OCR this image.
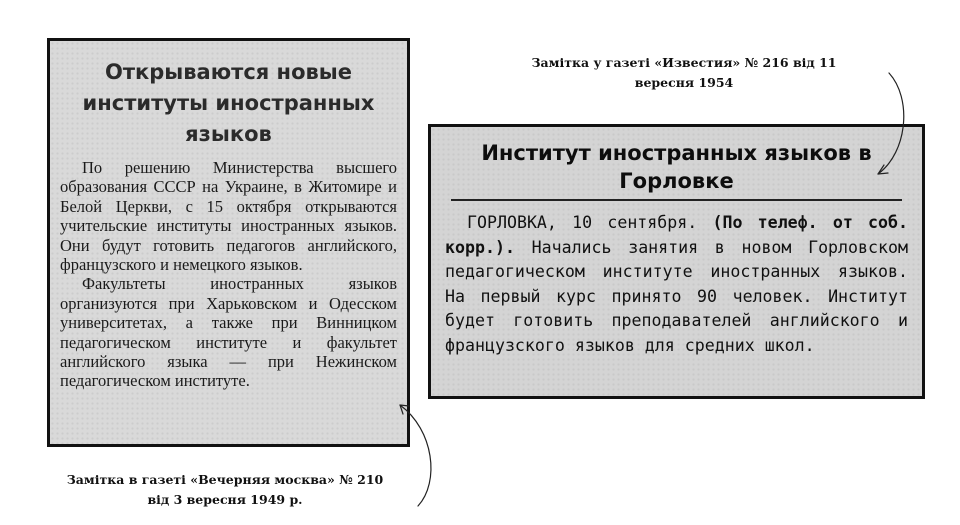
Открываются новые институты иностранных языков

По решению Министерства высшего образования СССР на Украине, в Житомире и Белой Церкви, с 15 октября открываются учительские институты иностранных языков. Они будут готовить педагогов английского, французского и немецкого языков.

Факультеты иностранных языков организуются при Харьковском и Одесском университетах, а также при Винницком педагогическом институте и факультет английского языка — при Нежинском педагогическом институте.

Институт иностранных языков в Горловке

ГОРЛОВКА, 10 сентября. (По телеф. от соб. корр.). Начались занятия в новом Горловском педагогическом институте иностранных языков. На первый курс принято 90 человек. Институт будет готовить преподавателей английского и французского языков для средних школ.

Замітка у газеті «Известия» № 216 від 11 вересня 1954
Замітка в газеті «Вечерняя москва» № 210 від 3 вересня 1949 р.
